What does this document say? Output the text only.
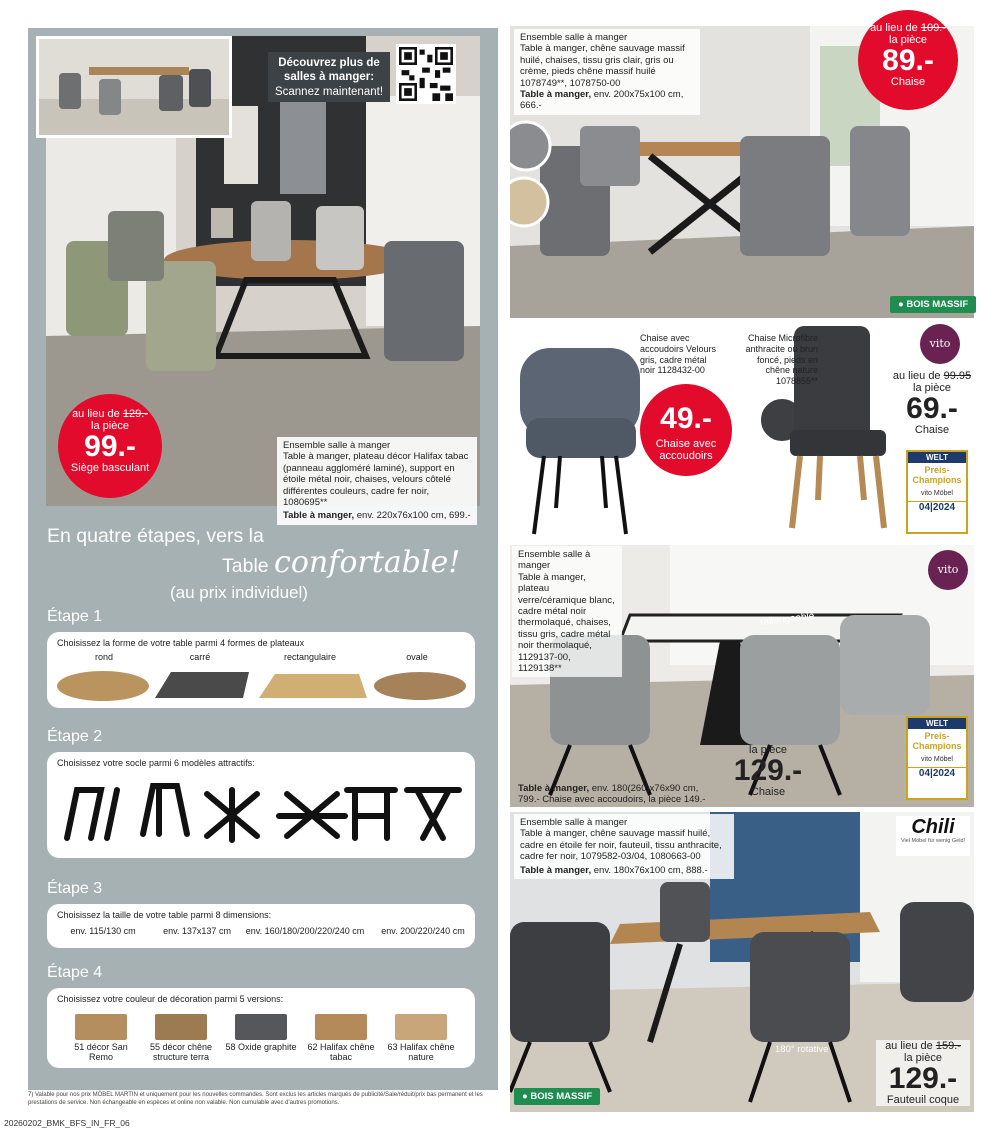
Découvrez plus de salles à manger:
Scannez maintenant!
au lieu de 129.-
la pièce
99.-
Siège basculant
Ensemble salle à manger
Table à manger, plateau décor Halifax tabac (panneau aggloméré laminé), support en étoile métal noir, chaises, velours côtelé différentes couleurs, cadre fer noir, 1080695**
Table à manger, env. 220x76x100 cm, 699.-
En quatre étapes, vers la
Table confortable!
(au prix individuel)
Étape 1
Choisissez la forme de votre table parmi 4 formes de plateaux
rond	carré	rectangulaire	ovale
Étape 2
Choisissez votre socle parmi 6 modèles attractifs:
Étape 3
Choisissez la taille de votre table parmi 8 dimensions:
env. 115/130 cm	env. 137x137 cm	env. 160/180/200/220/240 cm	env. 200/220/240 cm
Étape 4
Choisissez votre couleur de décoration parmi 5 versions:
51 décor San Remo
55 décor chêne structure terra
58 Oxide graphite	62 Halifax chêne tabac
63 Halifax chêne nature
Ensemble salle à manger
Table à manger, chêne sauvage massif huilé, chaises, tissu gris clair, gris ou crème, pieds chêne massif huilé 1078749**, 1078750-00
Table à manger, env. 200x75x100 cm, 666.-
au lieu de 109.-
la pièce
89.-
Chaise
● BOIS MASSIF
Chaise avec accoudoirs Velours gris, cadre métal noir 1128432-00
49.-
Chaise avec accoudoirs
Chaise Microfibre anthracite ou brun foncé, pieds en chêne nature 1078855**
vito
au lieu de 99.95
la pièce
69.-
Chaise
WELT
Preis-Champions
vito Möbel
04|2024
Ensemble salle à manger
Table à manger, plateau verre/céramique blanc, cadre métal noir thermolaqué, chaises, tissu gris, cadre métal noir thermolaqué, 1129137-00, 1129138**
rallongeable
vito
Table à manger, env. 180(260)x76x90 cm,
799.- Chaise avec accoudoirs, la pièce 149.-
la pièce
129.-
Chaise
WELT
Preis-Champions
vito Möbel
04|2024
Ensemble salle à manger
Table à manger, chêne sauvage massif huilé, cadre en étoile fer noir, fauteuil, tissu anthracite, cadre fer noir, 1079582-03/04, 1080663-00
Table à manger, env. 180x76x100 cm, 888.-
Chili
Viel Möbel für wenig Geld!
180° rotative	au lieu de 159.-
la pièce
129.-
Fauteuil coque
● BOIS MASSIF
7) Valable pour nos prix MÖBEL MARTIN et uniquement pour les nouvelles commandes. Sont exclus les articles marqués de publicité/Sale/réduit/prix bas permanent et les prestations de service. Non échangeable en espèces et online non valable. Non cumulable avec d'autres promotions.
20260202_BMK_BFS_IN_FR_06
